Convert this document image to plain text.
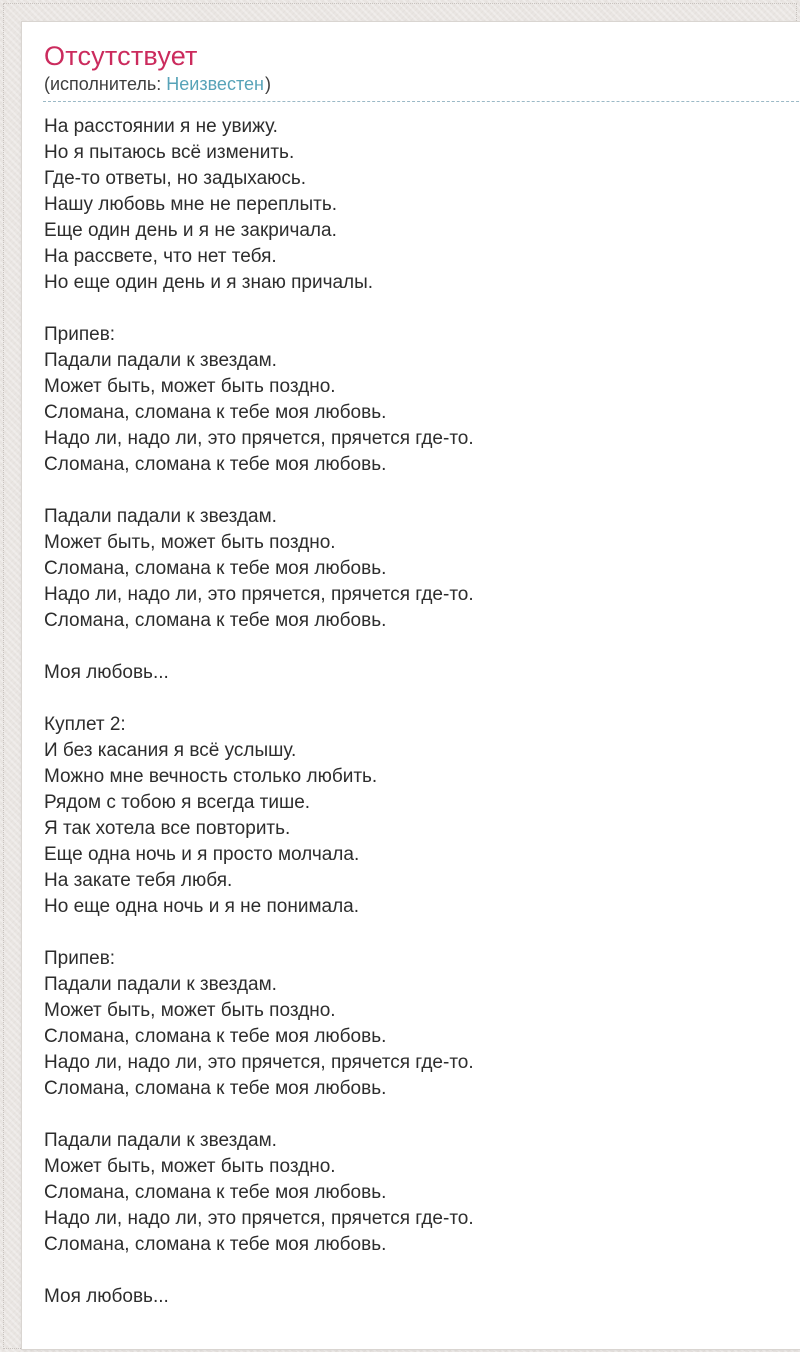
Отсутствует
(исполнитель: Неизвестен)

На расстоянии я не увижу.
Но я пытаюсь всё изменить.
Где-то ответы, но задыхаюсь.
Нашу любовь мне не переплыть.
Еще один день и я не закричала.
На рассвете, что нет тебя.
Но еще один день и я знаю причалы.

Припев:
Падали падали к звездам.
Может быть, может быть поздно.
Сломана, сломана к тебе моя любовь.
Надо ли, надо ли, это прячется, прячется где-то.
Сломана, сломана к тебе моя любовь.

Падали падали к звездам.
Может быть, может быть поздно.
Сломана, сломана к тебе моя любовь.
Надо ли, надо ли, это прячется, прячется где-то.
Сломана, сломана к тебе моя любовь.

Моя любовь...

Куплет 2:
И без касания я всё услышу.
Можно мне вечность столько любить.
Рядом с тобою я всегда тише.
Я так хотела все повторить.
Еще одна ночь и я просто молчала.
На закате тебя любя.
Но еще одна ночь и я не понимала.

Припев:
Падали падали к звездам.
Может быть, может быть поздно.
Сломана, сломана к тебе моя любовь.
Надо ли, надо ли, это прячется, прячется где-то.
Сломана, сломана к тебе моя любовь.

Падали падали к звездам.
Может быть, может быть поздно.
Сломана, сломана к тебе моя любовь.
Надо ли, надо ли, это прячется, прячется где-то.
Сломана, сломана к тебе моя любовь.

Моя любовь...
